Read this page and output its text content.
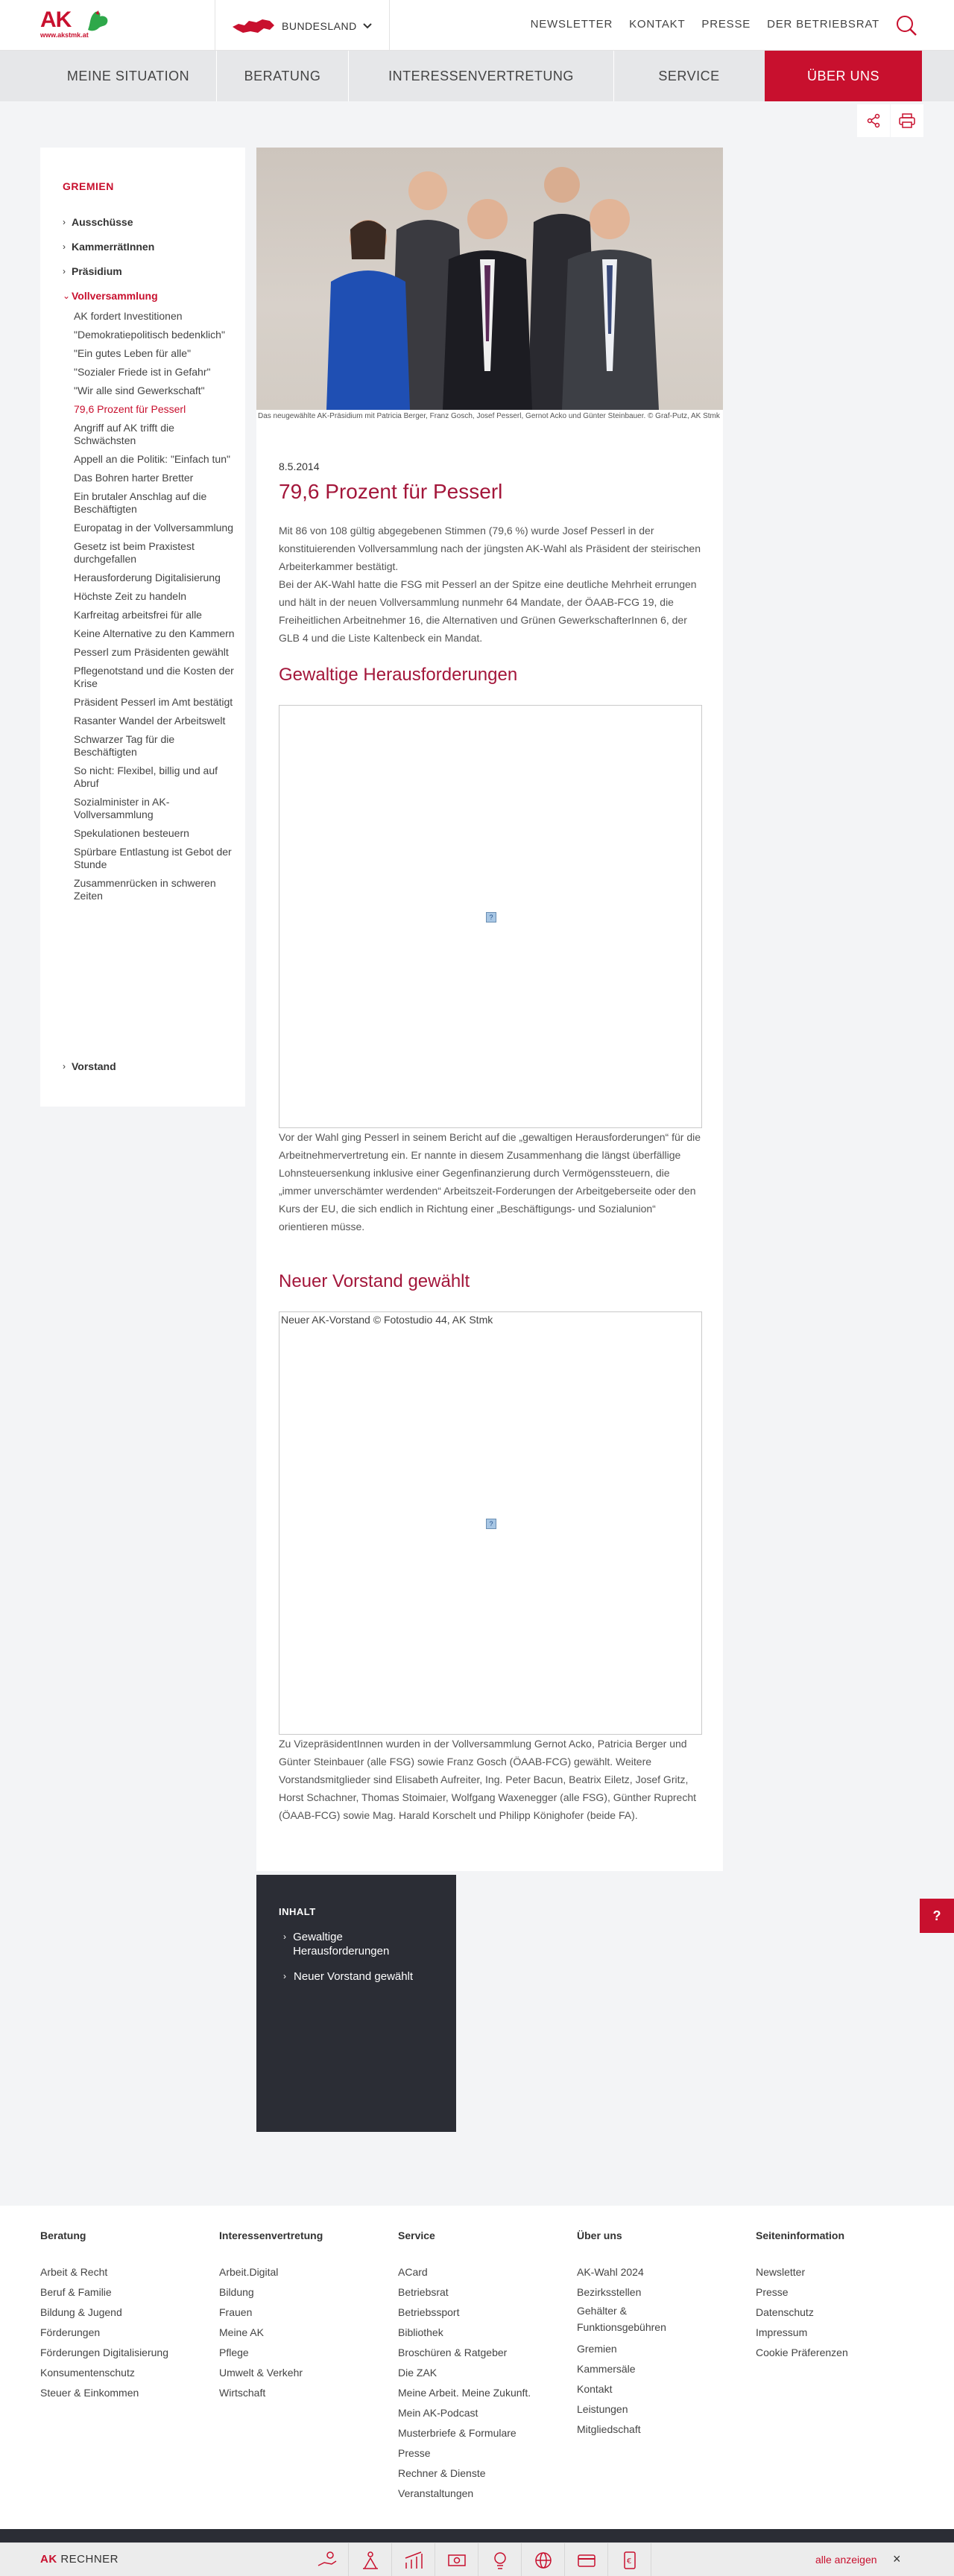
AK
www.akstmk.at
BUNDESLAND	NEWSLETTER KONTAKT PRESSE DER BETRIEBSRAT
MEINE SITUATION	BERATUNG	INTERESSENVERTRETUNG	SERVICE	ÜBER UNS
GREMIEN
› Ausschüsse
› KammerrätInnen
› Präsidium
⌄ Vollversammlung
AK fordert Investitionen
"Demokratiepolitisch bedenklich"
"Ein gutes Leben für alle"
"Sozialer Friede ist in Gefahr"
"Wir alle sind Gewerkschaft"
79,6 Prozent für Pesserl
Angriff auf AK trifft die Schwächsten
Appell an die Politik: "Einfach tun"
Das Bohren harter Bretter
Ein brutaler Anschlag auf die Beschäftigten
Europatag in der Vollversammlung
Gesetz ist beim Praxistest durchgefallen
Herausforderung Digitalisierung
Höchste Zeit zu handeln
Karfreitag arbeitsfrei für alle
Keine Alternative zu den Kammern
Pesserl zum Präsidenten gewählt
Pflegenotstand und die Kosten der Krise
Präsident Pesserl im Amt bestätigt
Rasanter Wandel der Arbeitswelt
Schwarzer Tag für die Beschäftigten
So nicht: Flexibel, billig und auf Abruf
Sozialminister in AK-Vollversammlung
Spekulationen besteuern
Spürbare Entlastung ist Gebot der Stunde
Zusammenrücken in schweren Zeiten
› Vorstand
Das neugewählte AK-Präsidium mit Patricia Berger, Franz Gosch, Josef Pesserl, Gernot Acko und Günter Steinbauer. © Graf-Putz, AK Stmk
8.5.2014
79,6 Prozent für Pesserl
Mit 86 von 108 gültig abgegebenen Stimmen (79,6 %) wurde Josef Pesserl in der konstituierenden Vollversammlung nach der jüngsten AK-Wahl als Präsident der steirischen Arbeiterkammer bestätigt.
Bei der AK-Wahl hatte die FSG mit Pesserl an der Spitze eine deutliche Mehrheit errungen und hält in der neuen Vollversammlung nunmehr 64 Mandate, der ÖAAB-FCG 19, die Freiheitlichen Arbeitnehmer 16, die Alternativen und Grünen GewerkschafterInnen 6, der GLB 4 und die Liste Kaltenbeck ein Mandat.
Gewaltige Herausforderungen
?
Vor der Wahl ging Pesserl in seinem Bericht auf die „gewaltigen Herausforderungen“ für die Arbeitnehmervertretung ein. Er nannte in diesem Zusammenhang die längst überfällige Lohnsteuersenkung inklusive einer Gegenfinanzierung durch Vermögenssteuern, die „immer unverschämter werdenden“ Arbeitszeit-Forderungen der Arbeitgeberseite oder den Kurs der EU, die sich endlich in Richtung einer „Beschäftigungs- und Sozialunion“ orientieren müsse.
Neuer Vorstand gewählt
Neuer AK-Vorstand © Fotostudio 44, AK Stmk
?
Zu VizepräsidentInnen wurden in der Vollversammlung Gernot Acko, Patricia Berger und Günter Steinbauer (alle FSG) sowie Franz Gosch (ÖAAB-FCG) gewählt. Weitere Vorstandsmitglieder sind Elisabeth Aufreiter, Ing. Peter Bacun, Beatrix Eiletz, Josef Gritz, Horst Schachner, Thomas Stoimaier, Wolfgang Waxenegger (alle FSG), Günther Ruprecht (ÖAAB-FCG) sowie Mag. Harald Korschelt und Philipp Könighofer (beide FA).
INHALT
› Gewaltige Herausforderungen
› Neuer Vorstand gewählt
?
Beratung
Arbeit & Recht
Beruf & Familie
Bildung & Jugend
Förderungen
Förderungen Digitalisierung
Konsumentenschutz
Steuer & Einkommen
Interessenvertretung
Arbeit.Digital
Bildung
Frauen
Meine AK
Pflege
Umwelt & Verkehr
Wirtschaft
Service
ACard
Betriebsrat
Betriebssport
Bibliothek
Broschüren & Ratgeber
Die ZAK
Meine Arbeit. Meine Zukunft.
Mein AK-Podcast
Musterbriefe & Formulare
Presse
Rechner & Dienste
Veranstaltungen
Über uns
AK-Wahl 2024
Bezirksstellen
Gehälter & Funktionsgebühren
Gremien
Kammersäle
Kontakt
Leistungen
Mitgliedschaft
Seiteninformation
Newsletter
Presse
Datenschutz
Impressum
Cookie Präferenzen
AK RECHNER	€	alle anzeigen ×
